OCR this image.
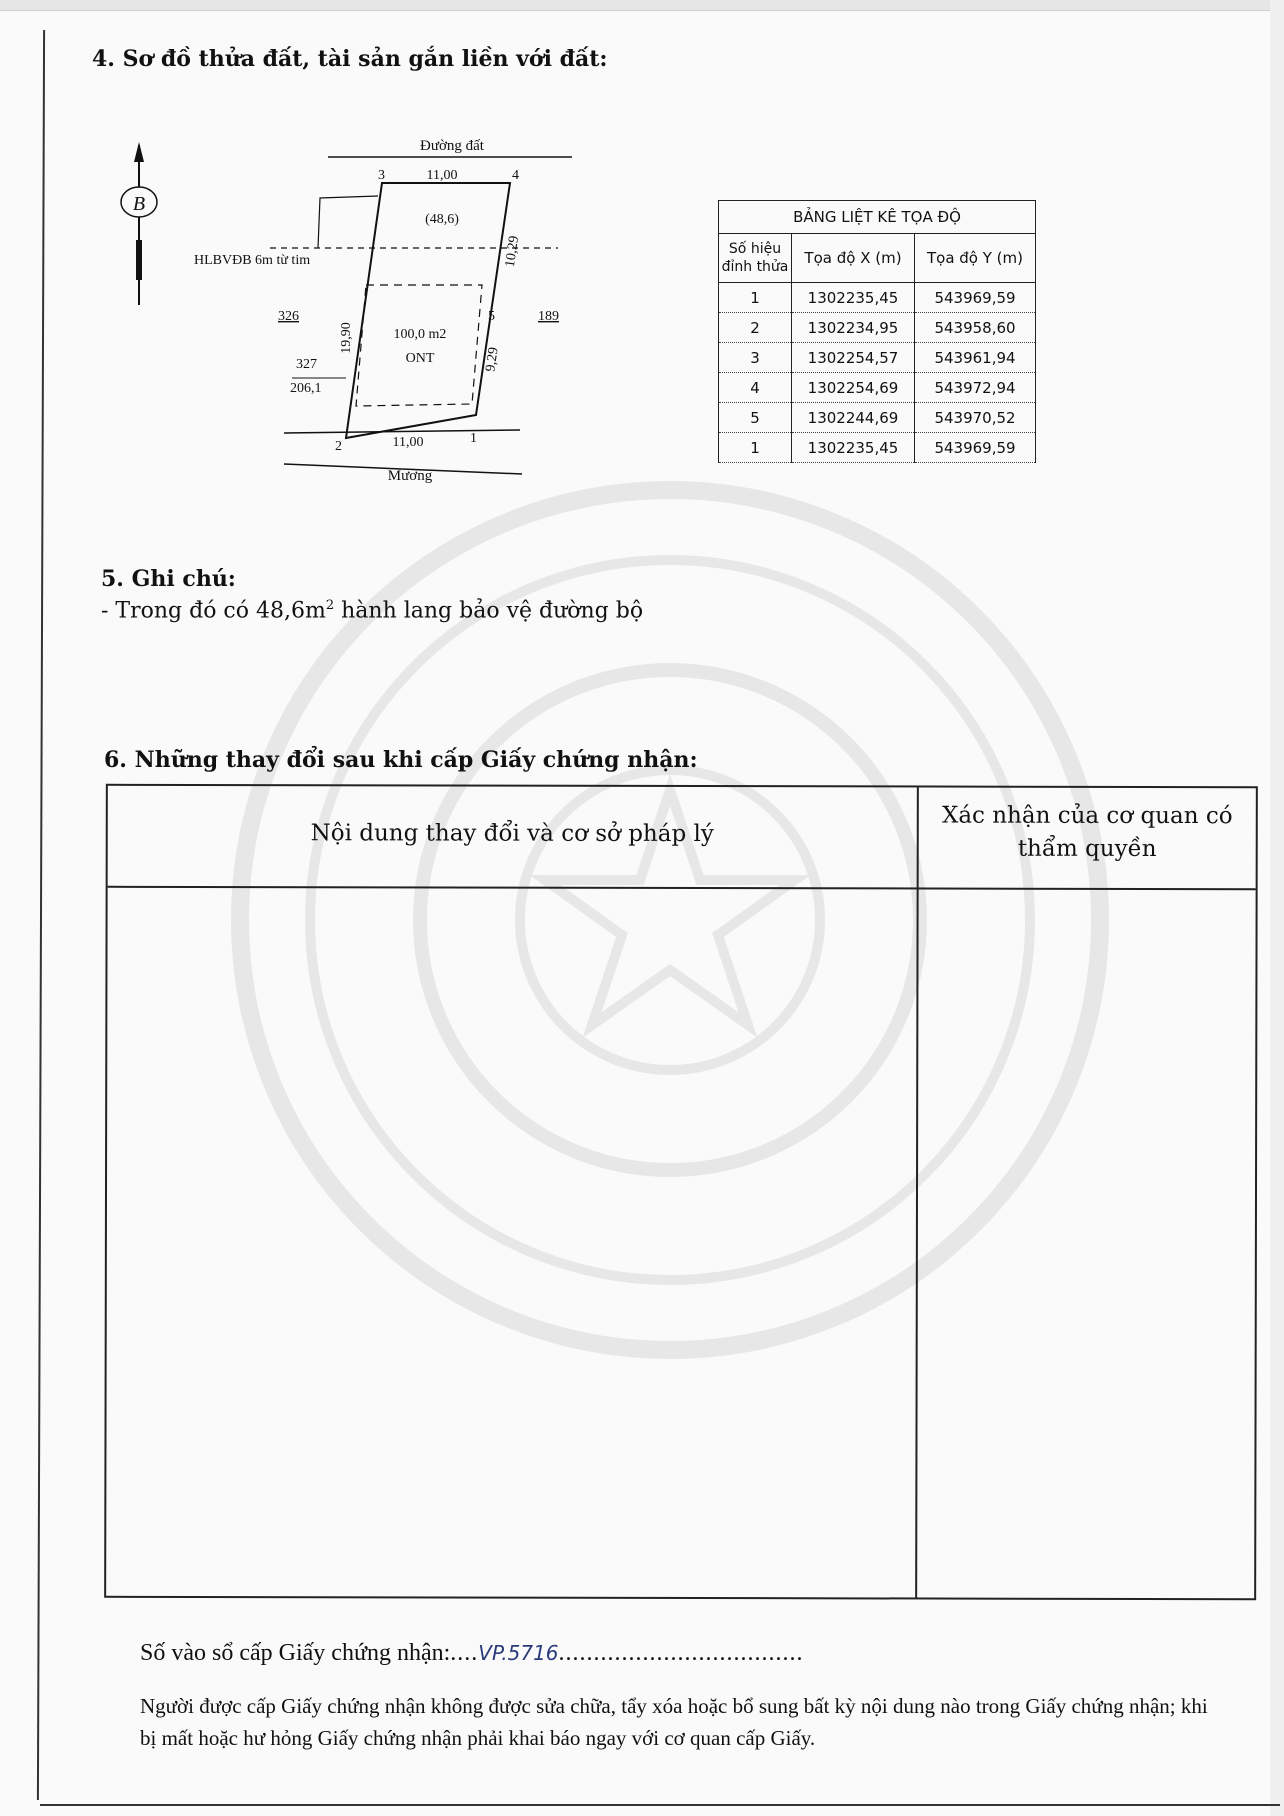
4. Sơ đồ thửa đất, tài sản gắn liền với đất:
B
Đường đất
Mương
3	4
5
1
2
11,00
11,00
(48,6)
HLBVĐB 6m từ tim
100,0 m2
ONT
19,90
10,29
9,29
326
327
206,1
189
BẢNG LIỆT KÊ TỌA ĐỘ		

Số hiệu
đỉnh thửa	Tọa độ X (m)	Tọa độ Y (m)
1	1302235,45	543969,59
2	1302234,95	543958,60
3	1302254,57	543961,94
4	1302254,69	543972,94
5	1302244,69	543970,52
1	1302235,45	543969,59
5. Ghi chú:
- Trong đó có $48,6m^2$ hành lang bảo vệ đường bộ
6. Những thay đổi sau khi cấp Giấy chứng nhận:
Nội dung thay đổi và cơ sở pháp lý
Xác nhận của cơ quan có
thẩm quyền
Số vào sổ cấp Giấy chứng nhận:....VP.5716...................................
Người được cấp Giấy chứng nhận không được sửa chữa, tẩy xóa hoặc bổ sung bất kỳ nội dung nào trong Giấy chứng nhận; khi bị mất hoặc hư hỏng Giấy chứng nhận phải khai báo ngay với cơ quan cấp Giấy.
